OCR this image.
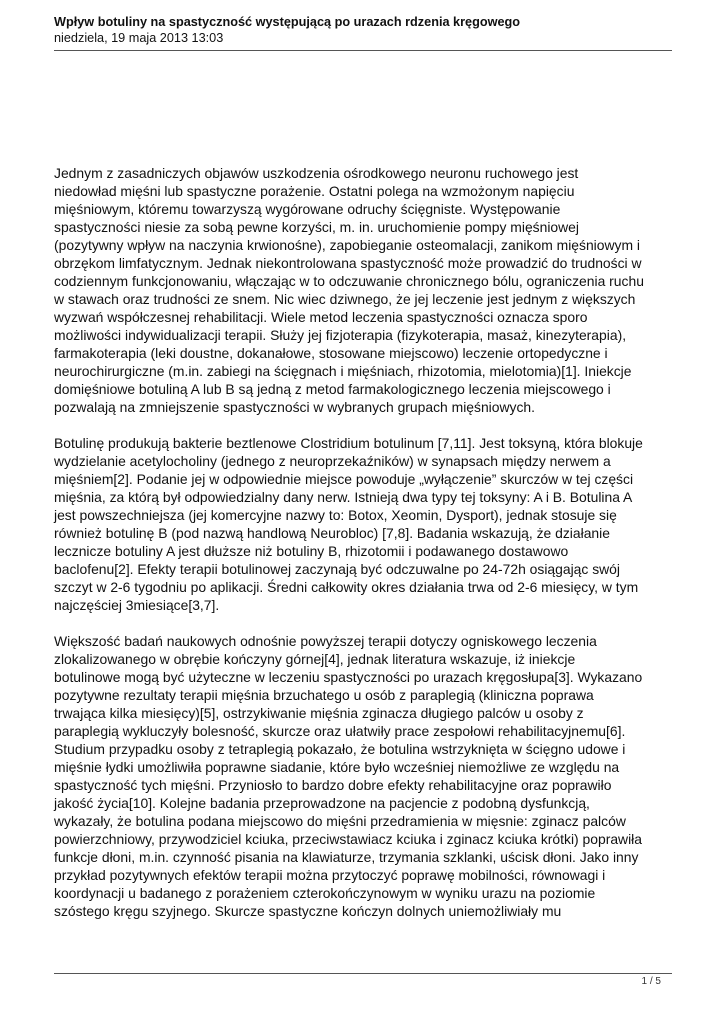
Wpływ botuliny na spastyczność występującą po urazach rdzenia kręgowego

niedziela, 19 maja 2013 13:03

Jednym z zasadniczych objawów uszkodzenia ośrodkowego neuronu ruchowego jest
niedowład mięśni lub spastyczne porażenie. Ostatni polega na wzmożonym napięciu
mięśniowym, któremu towarzyszą wygórowane odruchy ścięgniste. Występowanie
spastyczności niesie za sobą pewne korzyści, m. in. uruchomienie pompy mięśniowej
(pozytywny wpływ na naczynia krwionośne), zapobieganie osteomalacji, zanikom mięśniowym i
obrzękom limfatycznym. Jednak niekontrolowana spastyczność może prowadzić do trudności w
codziennym funkcjonowaniu, włączając w to odczuwanie chronicznego bólu, ograniczenia ruchu
w stawach oraz trudności ze snem. Nic wiec dziwnego, że jej leczenie jest jednym z większych
wyzwań współczesnej rehabilitacji. Wiele metod leczenia spastyczności oznacza sporo
możliwości indywidualizacji terapii. Służy jej fizjoterapia (fizykoterapia, masaż, kinezyterapia),
farmakoterapia (leki doustne, dokanałowe, stosowane miejscowo) leczenie ortopedyczne i
neurochirurgiczne (m.in. zabiegi na ścięgnach i mięśniach, rhizotomia, mielotomia)[1]. Iniekcje
domięśniowe botuliną A lub B są jedną z metod farmakologicznego leczenia miejscowego i
pozwalają na zmniejszenie spastyczności w wybranych grupach mięśniowych.

Botulinę produkują bakterie beztlenowe Clostridium botulinum [7,11]. Jest toksyną, która blokuje
wydzielanie acetylocholiny (jednego z neuroprzekaźników) w synapsach między nerwem a
mięśniem[2]. Podanie jej w odpowiednie miejsce powoduje „wyłączenie” skurczów w tej części
mięśnia, za którą był odpowiedzialny dany nerw. Istnieją dwa typy tej toksyny: A i B. Botulina A
jest powszechniejsza (jej komercyjne nazwy to: Botox, Xeomin, Dysport), jednak stosuje się
również botulinę B (pod nazwą handlową Neurobloc) [7,8]. Badania wskazują, że działanie
lecznicze botuliny A jest dłuższe niż botuliny B, rhizotomii i podawanego dostawowo
baclofenu[2]. Efekty terapii botulinowej zaczynają być odczuwalne po 24-72h osiągając swój
szczyt w 2-6 tygodniu po aplikacji. Średni całkowity okres działania trwa od 2-6 miesięcy, w tym
najczęściej 3miesiące[3,7].

Większość badań naukowych odnośnie powyższej terapii dotyczy ogniskowego leczenia
zlokalizowanego w obrębie kończyny górnej[4], jednak literatura wskazuje, iż iniekcje
botulinowe mogą być użyteczne w leczeniu spastyczności po urazach kręgosłupa[3]. Wykazano
pozytywne rezultaty terapii mięśnia brzuchatego u osób z paraplegią (kliniczna poprawa
trwająca kilka miesięcy)[5], ostrzykiwanie mięśnia zginacza długiego palców u osoby z
paraplegią wykluczyły bolesność, skurcze oraz ułatwiły prace zespołowi rehabilitacyjnemu[6].
Studium przypadku osoby z tetraplegią pokazało, że botulina wstrzyknięta w ścięgno udowe i
mięśnie łydki umożliwiła poprawne siadanie, które było wcześniej niemożliwe ze względu na
spastyczność tych mięśni. Przyniosło to bardzo dobre efekty rehabilitacyjne oraz poprawiło
jakość życia[10]. Kolejne badania przeprowadzone na pacjencie z podobną dysfunkcją,
wykazały, że botulina podana miejscowo do mięśni przedramienia w mięsnie: zginacz palców
powierzchniowy, przywodziciel kciuka, przeciwstawiacz kciuka i zginacz kciuka krótki) poprawiła
funkcje dłoni, m.in. czynność pisania na klawiaturze, trzymania szklanki, uścisk dłoni. Jako inny
przykład pozytywnych efektów terapii można przytoczyć poprawę mobilności, równowagi i
koordynacji u badanego z porażeniem czterokończynowym w wyniku urazu na poziomie
szóstego kręgu szyjnego. Skurcze spastyczne kończyn dolnych uniemożliwiały mu

1 / 5
